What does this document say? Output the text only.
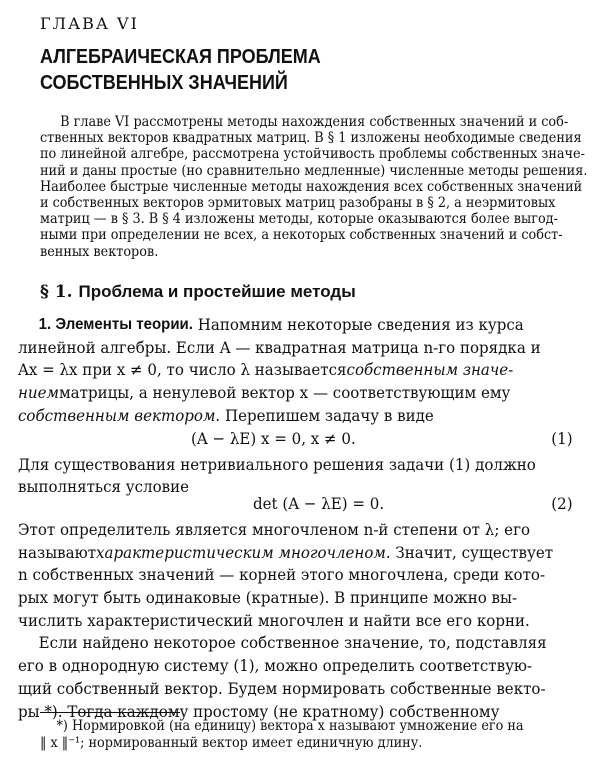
ГЛАВА VI
АЛГЕБРАИЧЕСКАЯ ПРОБЛЕМА
СОБСТВЕННЫХ ЗНАЧЕНИЙ
В главе VI рассмотрены методы нахождения собственных значений и соб-
ственных векторов квадратных матриц. В § 1 изложены необходимые сведения
по линейной алгебре, рассмотрена устойчивость проблемы собственных значе-
ний и даны простые (но сравнительно медленные) численные методы решения.
Наиболее быстрые численные методы нахождения всех собственных значений
и собственных векторов эрмитовых матриц разобраны в § 2, а неэрмитовых
матриц — в § 3. В § 4 изложены методы, которые оказываются более выгод-
ными при определении не всех, а некоторых собственных значений и собст-
венных векторов.
§ 1. Проблема и простейшие методы
1. Элементы теории.
Напомним некоторые сведения из курса
линейной алгебры. Если A — квадратная матрица n-го порядка и
Ax = λx при x ≠ 0, то число λ называется собственным значе-
нием матрицы, а ненулевой вектор x — соответствующим ему
собственным вектором . Перепишем задачу в виде
(A − λE) x = 0, x ≠ 0.	(1)
Для существования нетривиального решения задачи (1) должно
выполняться условие
det (A − λE) = 0.	(2)
Этот определитель является многочленом n-й степени от λ; его
называют характеристическим многочленом . Значит, существует
n собственных значений — корней этого многочлена, среди кото-
рых могут быть одинаковые (кратные). В принципе можно вы-
числить характеристический многочлен и найти все его корни.
Если найдено некоторое собственное значение, то, подставляя
его в однородную систему (1), можно определить соответствую-
щий собственный вектор. Будем нормировать собственные векто-
ры *). Тогда каждому простому (не кратному) собственному
*) Нормировкой (на единицу) вектора x называют умножение его на
‖ x ‖⁻¹; нормированный вектор имеет единичную длину.
